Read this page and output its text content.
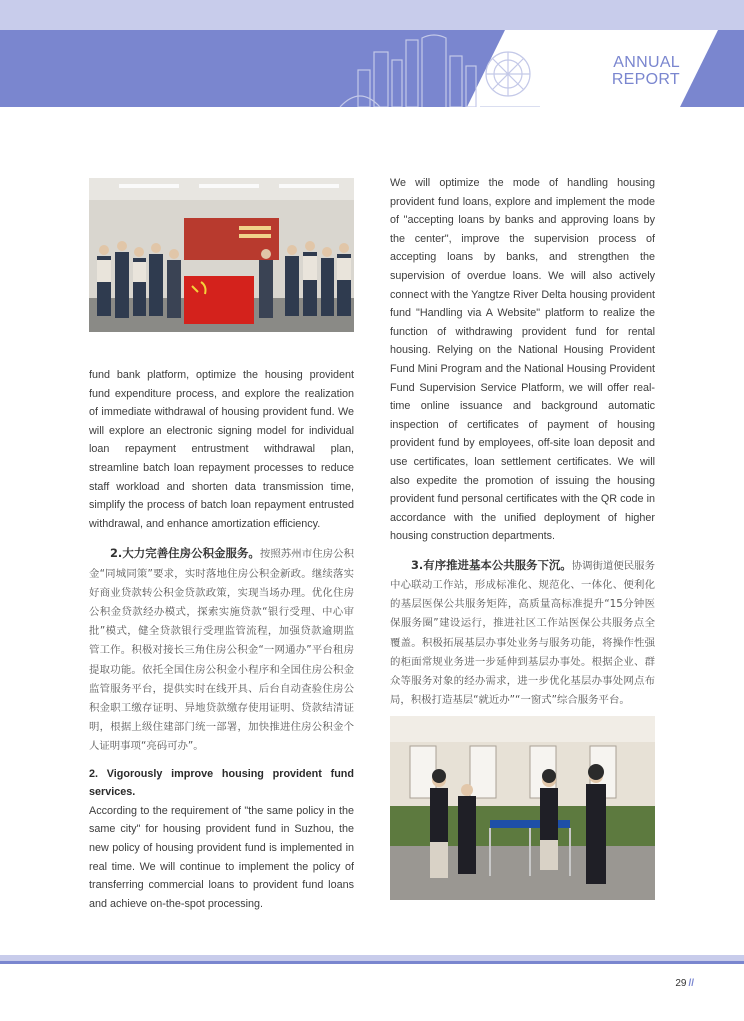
ANNUAL
REPORT

fund bank platform, optimize the housing provident fund expenditure process, and explore the realization of immediate withdrawal of housing provident fund. We will explore an electronic signing model for individual loan repayment entrustment withdrawal plan, streamline batch loan repayment processes to reduce staff workload and shorten data transmission time, simplify the process of batch loan repayment entrusted withdrawal, and enhance amortization efficiency.

2.大力完善住房公积金服务。按照苏州市住房公积金“同城同策”要求，实时落地住房公积金新政。继续落实好商业贷款转公积金贷款政策，实现当场办理。优化住房公积金贷款经办模式，探索实施贷款“银行受理、中心审批”模式，健全贷款银行受理监管流程，加强贷款逾期监管工作。积极对接长三角住房公积金“一网通办”平台租房提取功能。依托全国住房公积金小程序和全国住房公积金监管服务平台，提供实时在线开具、后台自动查验住房公积金职工缴存证明、异地贷款缴存使用证明、贷款结清证明，根据上级住建部门统一部署，加快推进住房公积金个人证明事项“亮码可办”。

2. Vigorously improve housing provident fund services.

According to the requirement of "the same policy in the same city" for housing provident fund in Suzhou, the new policy of housing provident fund is implemented in real time. We will continue to implement the policy of transferring commercial loans to provident fund loans and achieve on-the-spot processing.

We will optimize the mode of handling housing provident fund loans, explore and implement the mode of "accepting loans by banks and approving loans by the center", improve the supervision process of accepting loans by banks, and strengthen the supervision of overdue loans. We will also actively connect with the Yangtze River Delta housing provident fund "Handling via A Website" platform to realize the function of withdrawing provident fund for rental housing. Relying on the National Housing Provident Fund Mini Program and the National Housing Provident Fund Supervision Service Platform, we will offer real-time online issuance and background automatic inspection of certificates of payment of housing provident fund by employees, off-site loan deposit and use certificates, loan settlement certificates. We will also expedite the promotion of issuing the housing provident fund personal certificates with the QR code in accordance with the unified deployment of higher housing construction departments.

3.有序推进基本公共服务下沉。协调街道便民服务中心联动工作站，形成标准化、规范化、一体化、便利化的基层医保公共服务矩阵，高质量高标准提升“15分钟医保服务圈”建设运行，推进社区工作站医保公共服务点全覆盖。积极拓展基层办事处业务与服务功能，将操作性强的柜面常规业务进一步延伸到基层办事处。根据企业、群众等服务对象的经办需求，进一步优化基层办事处网点布局，积极打造基层“就近办”“一窗式”综合服务平台。

29 //
